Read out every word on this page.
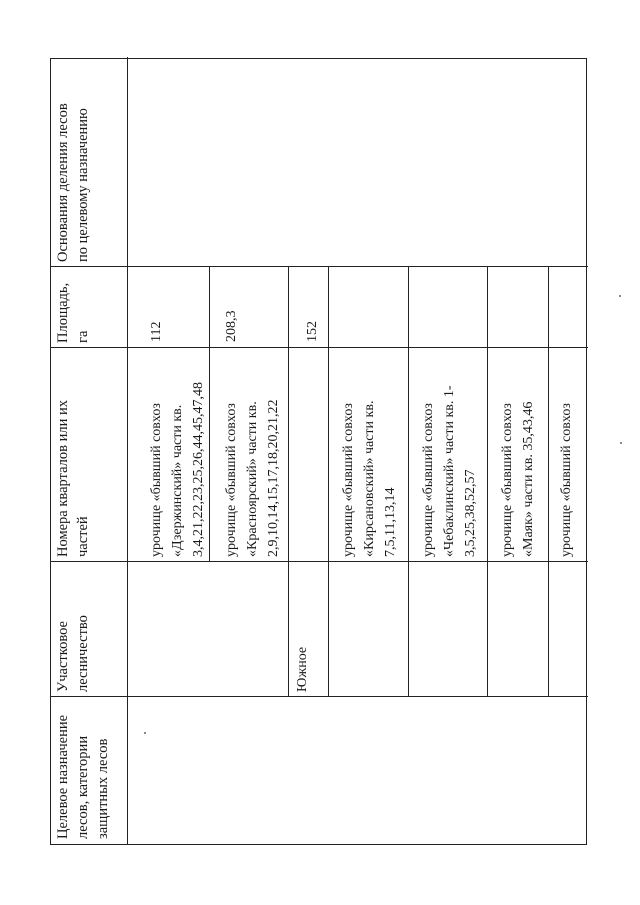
Целевое назначение лесов, категории защитных лесов
Участковое лесничество
Номера кварталов или их частей
Площадь, га
Основания деления лесов по целевому назначению
Южное
урочище «бывший совхоз «Дзержинский» части кв. 3,4,21,22,23,25,26,44,45,47,48
112
урочище «бывший совхоз «Краснoярский» части кв. 2,9,10,14,15,17,18,20,21,22
208,3	152
урочище «бывший совхоз «Кирсановский» части кв. 7,5,11,13,14 урочище «бывший совхоз «Чебаклинский» части кв. 1- 3,5,25,38,52,57 урочище «бывший совхоз «Маяк» части кв. 35,43,46 урочище «бывший совхоз
